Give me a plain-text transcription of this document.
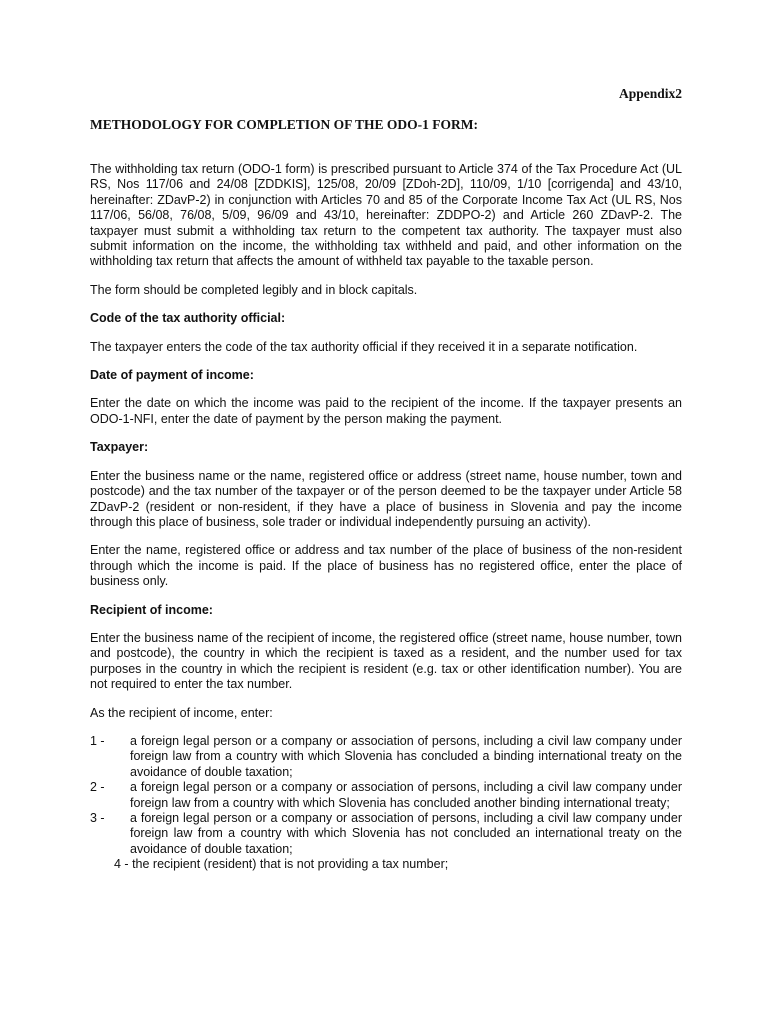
Appendix2
METHODOLOGY FOR COMPLETION OF THE ODO-1 FORM:

The withholding tax return (ODO-1 form) is prescribed pursuant to Article 374 of the Tax Procedure Act (UL RS, Nos 117/06 and 24/08 [ZDDKIS], 125/08, 20/09 [ZDoh-2D], 110/09, 1/10 [corrigenda] and 43/10, hereinafter: ZDavP-2) in conjunction with Articles 70 and 85 of the Corporate Income Tax Act (UL RS, Nos 117/06, 56/08, 76/08, 5/09, 96/09 and 43/10, hereinafter: ZDDPO-2) and Article 260 ZDavP-2. The taxpayer must submit a withholding tax return to the competent tax authority. The taxpayer must also submit information on the income, the withholding tax withheld and paid, and other information on the withholding tax return that affects the amount of withheld tax payable to the taxable person.

The form should be completed legibly and in block capitals.

Code of the tax authority official:

The taxpayer enters the code of the tax authority official if they received it in a separate notification.

Date of payment of income:

Enter the date on which the income was paid to the recipient of the income. If the taxpayer presents an ODO-1-NFI, enter the date of payment by the person making the payment.

Taxpayer:

Enter the business name or the name, registered office or address (street name, house number, town and postcode) and the tax number of the taxpayer or of the person deemed to be the taxpayer under Article 58 ZDavP-2 (resident or non-resident, if they have a place of business in Slovenia and pay the income through this place of business, sole trader or individual independently pursuing an activity).

Enter the name, registered office or address and tax number of the place of business of the non-resident through which the income is paid. If the place of business has no registered office, enter the place of business only.

Recipient of income:

Enter the business name of the recipient of income, the registered office (street name, house number, town and postcode), the country in which the recipient is taxed as a resident, and the number used for tax purposes in the country in which the recipient is resident (e.g. tax or other identification number). You are not required to enter the tax number.

As the recipient of income, enter:

1 -	a foreign legal person or a company or association of persons, including a civil law company under foreign law from a country with which Slovenia has concluded a binding international treaty on the avoidance of double taxation;
2 -	a foreign legal person or a company or association of persons, including a civil law company under foreign law from a country with which Slovenia has concluded another binding international treaty;
3 -	a foreign legal person or a company or association of persons, including a civil law company under foreign law from a country with which Slovenia has not concluded an international treaty on the avoidance of double taxation;
4 -
the recipient (resident) that is not providing a tax number;
